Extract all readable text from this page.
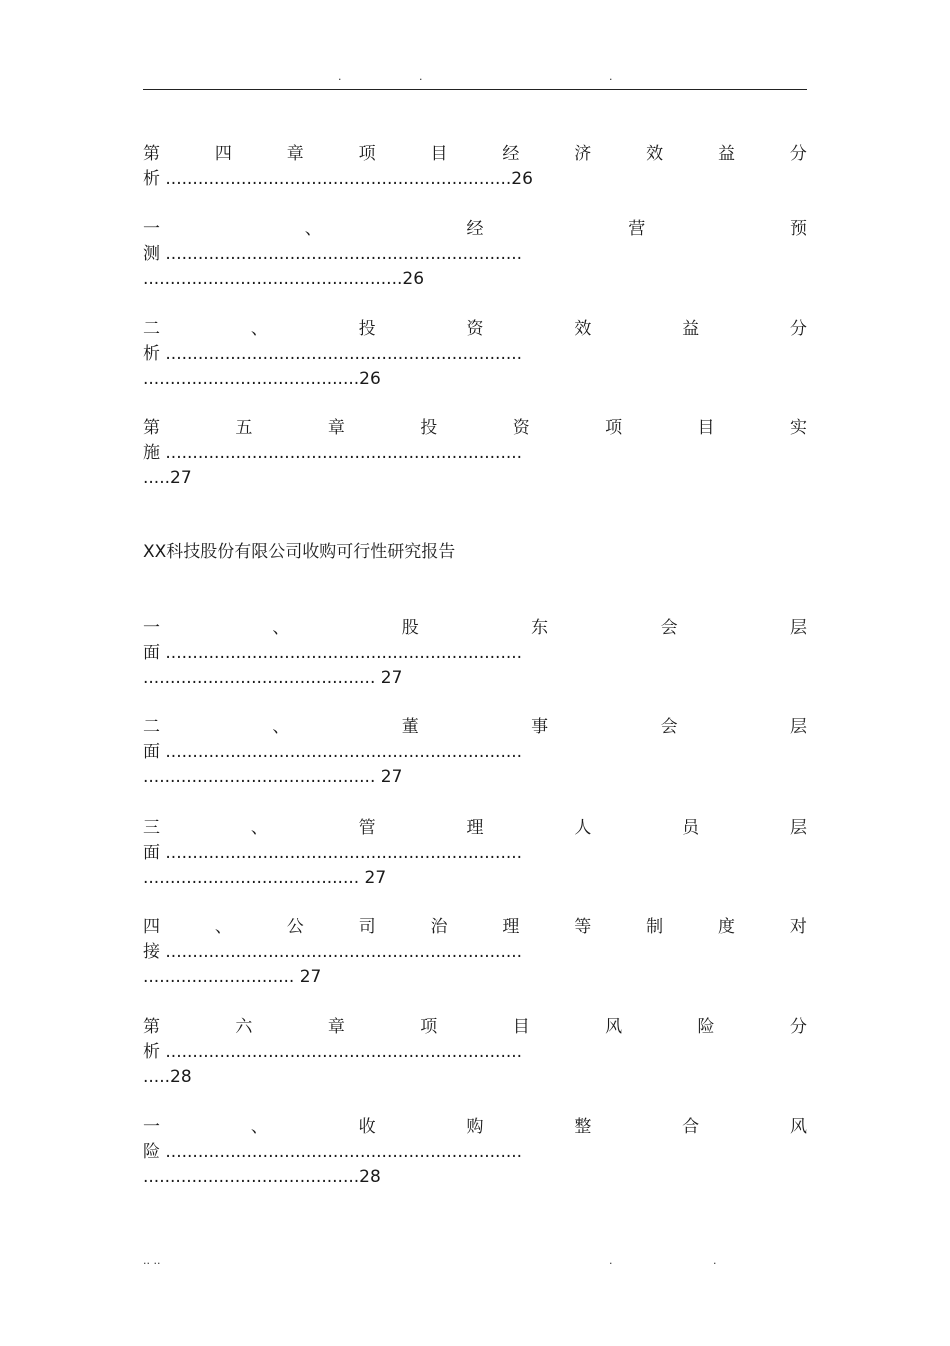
.	.	.
第	四	章	项	目	经	济	效	益	分
析 ................................................................26
一	、	经	营	预
测 ..................................................................
................................................26
二	、	投	资	效	益	分
析 ..................................................................
........................................26
第	五	章	投	资	项	目	实
施 ..................................................................
.....27
XX科技股份有限公司收购可行性研究报告
一	、	股	东	会	层
面 ..................................................................
........................................... 27
二	、	董	事	会	层
面 ..................................................................
........................................... 27
三	、	管	理	人	员	层
面 ..................................................................
........................................ 27
四	、	公	司	治	理	等	制	度	对
接 ..................................................................
............................ 27
第	六	章	项	目	风	险	分
析 ..................................................................
.....28
一	、	收	购	整	合	风
险 ..................................................................
........................................28
.. ..	.	.
